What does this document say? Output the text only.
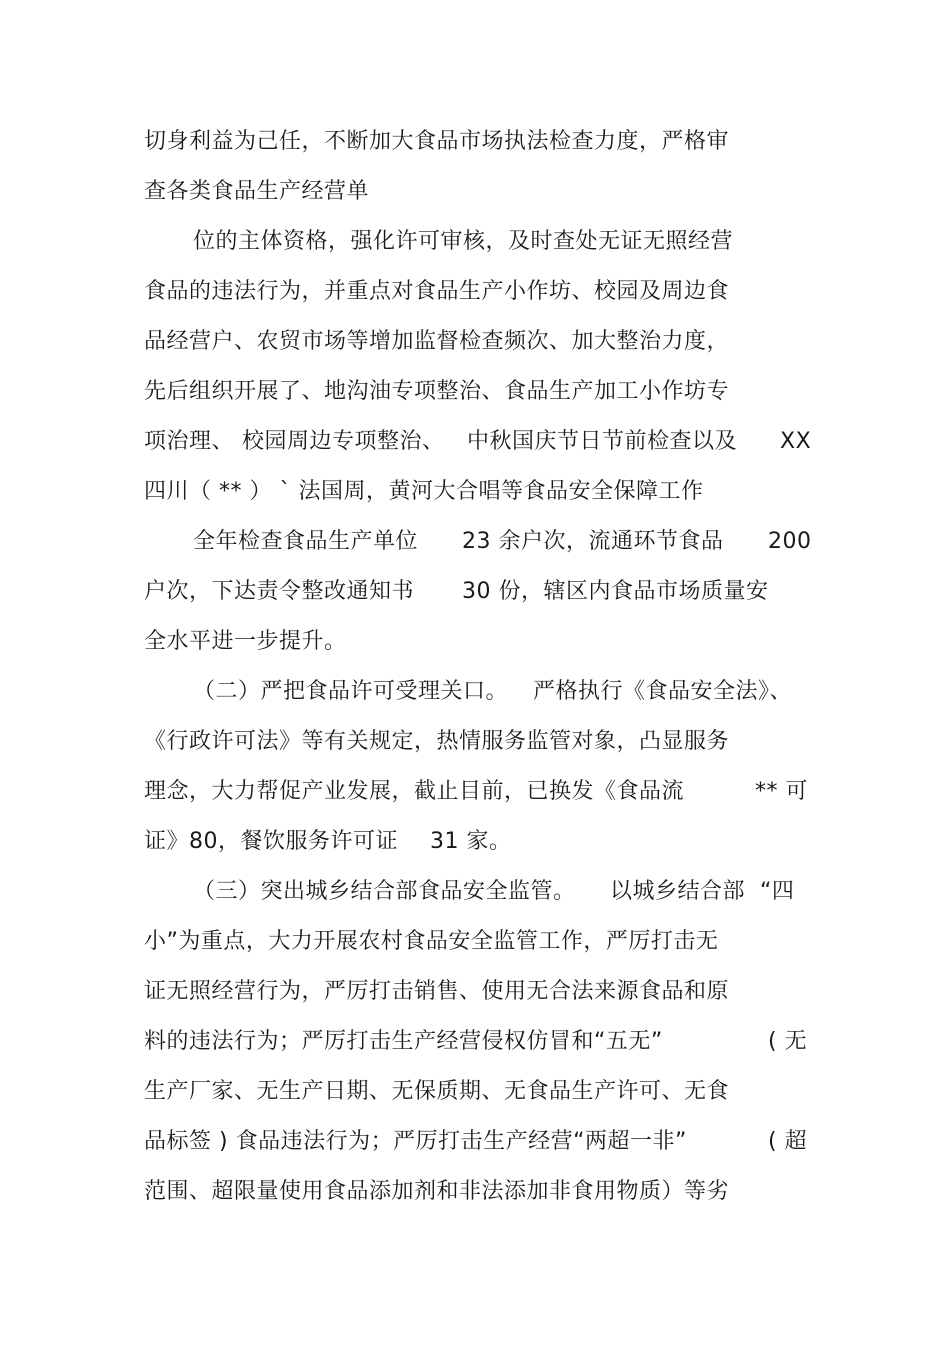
切身利益为己任，不断加大食品市场执法检查力度，严格审
查各类食品生产经营单
位的主体资格，强化许可审核，及时查处无证无照经营
食品的违法行为，并重点对食品生产小作坊、校园及周边食
品经营户、农贸市场等增加监督检查频次、加大整治力度，
先后组织开展了、地沟油专项整治、食品生产加工小作坊专
项治理、 校园周边专项整治、 中秋国庆节日节前检查以及 XX
四川（ ** ） ` 法国周，黄河大合唱等食品安全保障工作
全年检查食品生产单位 23 余户次，流通环节食品 200
户次，下达责令整改通知书 30 份，辖区内食品市场质量安
全水平进一步提升。
（二）严把食品许可受理关口。 严格执行《食品安全法》、
《行政许可法》等有关规定，热情服务监管对象，凸显服务
理念，大力帮促产业发展，截止目前，已换发《食品流	** 可
证》80，餐饮服务许可证 31 家。
（三）突出城乡结合部食品安全监管。 以城乡结合部 “四
小”为重点，大力开展农村食品安全监管工作，严厉打击无
证无照经营行为，严厉打击销售、使用无合法来源食品和原
料的违法行为；严厉打击生产经营侵权仿冒和“五无”	( 无
生产厂家、无生产日期、无保质期、无食品生产许可、无食
品标签 ) 食品违法行为；严厉打击生产经营“两超一非”	( 超
范围、超限量使用食品添加剂和非法添加非食用物质）等劣
